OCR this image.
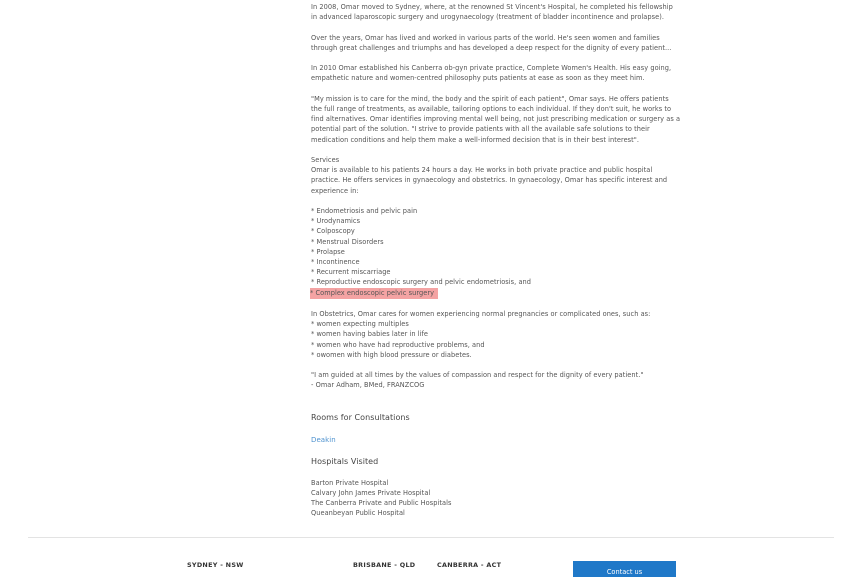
In 2008, Omar moved to Sydney, where, at the renowned St Vincent's Hospital, he completed his fellowship in advanced laparoscopic surgery and urogynaecology (treatment of bladder incontinence and prolapse).

Over the years, Omar has lived and worked in various parts of the world. He's seen women and families through great challenges and triumphs and has developed a deep respect for the dignity of every patient...

In 2010 Omar established his Canberra ob-gyn private practice, Complete Women's Health. His easy going, empathetic nature and women-centred philosophy puts patients at ease as soon as they meet him.

"My mission is to care for the mind, the body and the spirit of each patient", Omar says. He offers patients the full range of treatments, as available, tailoring options to each individual. If they don't suit, he works to find alternatives. Omar identifies improving mental well being, not just prescribing medication or surgery as a potential part of the solution. "I strive to provide patients with all the available safe solutions to their medication conditions and help them make a well-informed decision that is in their best interest".

Services

Omar is available to his patients 24 hours a day. He works in both private practice and public hospital practice. He offers services in gynaecology and obstetrics. In gynaecology, Omar has specific interest and experience in:

* Endometriosis and pelvic pain

* Urodynamics

* Colposcopy

* Menstrual Disorders

* Prolapse

* Incontinence

* Recurrent miscarriage

* Reproductive endoscopic surgery and pelvic endometriosis, and

* Complex endoscopic pelvic surgery

In Obstetrics, Omar cares for women experiencing normal pregnancies or complicated ones, such as:

* women expecting multiples

* women having babies later in life

* women who have had reproductive problems, and

* owomen with high blood pressure or diabetes.

"I am guided at all times by the values of compassion and respect for the dignity of every patient."

- Omar Adham, BMed, FRANZCOG

Rooms for Consultations
Deakin
Hospitals Visited

Barton Private Hospital

Calvary John James Private Hospital

The Canberra Private and Public Hospitals

Queanbeyan Public Hospital

SYDNEY - NSW	BRISBANE - QLD	CANBERRA - ACT
Contact us
